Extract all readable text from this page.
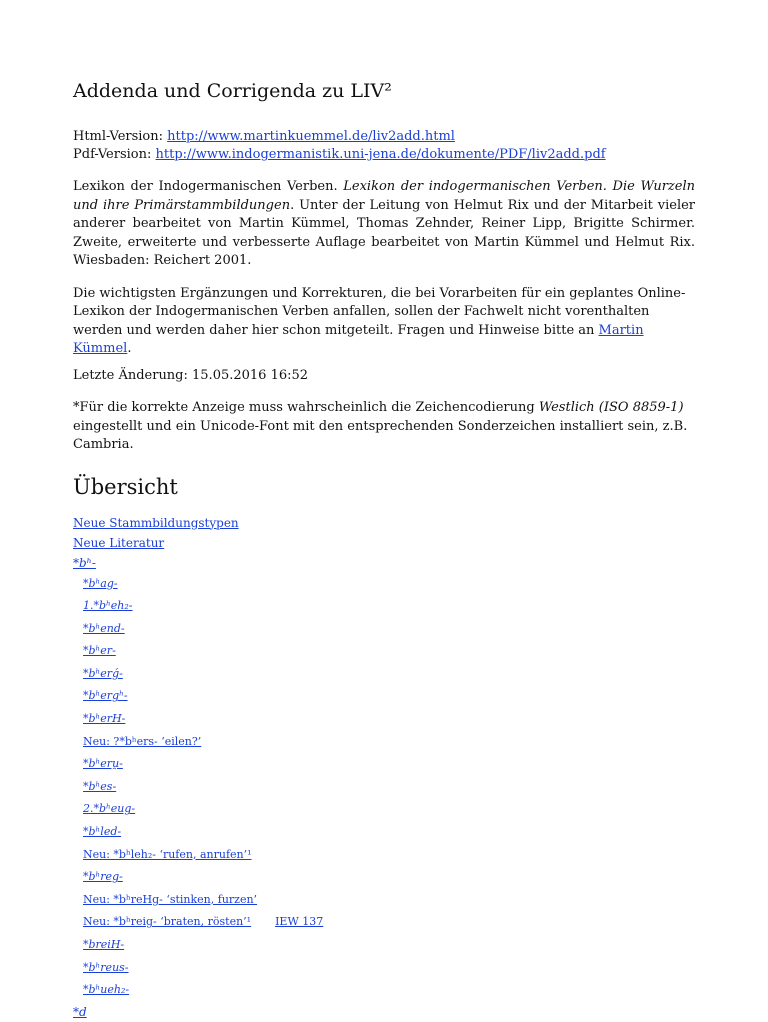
Addenda und Corrigenda zu LIV²
Html-Version: http://www.martinkuemmel.de/liv2add.html
Pdf-Version: http://www.indogermanistik.uni-jena.de/dokumente/PDF/liv2add.pdf

Lexikon der Indogermanischen Verben. Lexikon der indogermanischen Verben. Die Wurzeln und ihre Primärstammbildungen. Unter der Leitung von Helmut Rix und der Mitarbeit vieler anderer bearbeitet von Martin Kümmel, Thomas Zehnder, Reiner Lipp, Brigitte Schirmer. Zweite, erweiterte und verbesserte Auflage bearbeitet von Martin Kümmel und Helmut Rix. Wiesbaden: Reichert 2001.

Die wichtigsten Ergänzungen und Korrekturen, die bei Vorarbeiten für ein geplantes Online-Lexikon der Indogermanischen Verben anfallen, sollen der Fachwelt nicht vorenthalten werden und werden daher hier schon mitgeteilt. Fragen und Hinweise bitte an Martin Kümmel.

Letzte Änderung: 15.05.2016 16:52

*Für die korrekte Anzeige muss wahrscheinlich die Zeichencodierung Westlich (ISO 8859-1) eingestellt und ein Unicode-Font mit den entsprechenden Sonderzeichen installiert sein, z.B. Cambria.

Übersicht
Neue Stammbildungstypen
Neue Literatur
*bʰ-
*bʰag-
1.*bʰeh₂-
*bʰend-
*bʰer-
*bʰerǵ-
*bʰergʰ-
*bʰerH-
Neu: ?*bʰers- ‘eilen?’
*bʰeru̯-
*bʰes-
2.*bʰeug-
*bʰled-
Neu: *bʰleh₂- ‘rufen, anrufen’¹
*bʰreg-
Neu: *bʰreHg- ‘stinken, furzen’
Neu: *bʰreig- ‘braten, rösten’¹ IEW 137
*breiH-
*bʰreus-
*bʰueh₂-
*d
